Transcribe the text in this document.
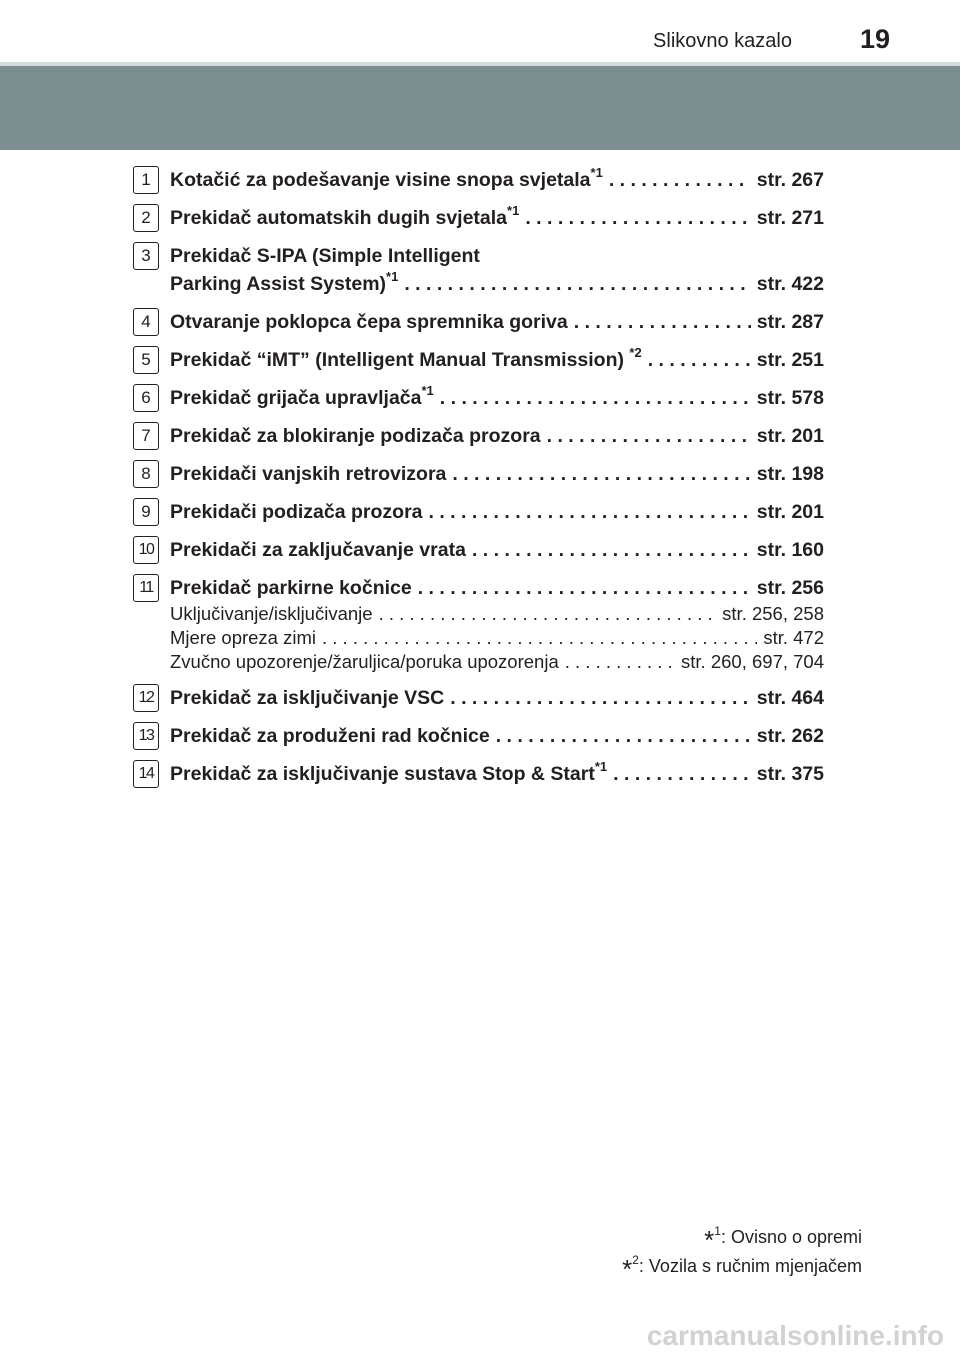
Slikovno kazalo	19
1 Kotačić za podešavanje visine snopa svjetala$^{*1}$ . . .	str. 267
2 Prekidač automatskih dugih svjetala$^{*1}$ . . .	str. 271
3 Prekidač S-IPA (Simple Intelligent
Parking Assist System)$^{*1}$ . . .	str. 422
4 Otvaranje poklopca čepa spremnika goriva . . .	str. 287
5 Prekidač “iMT” (Intelligent Manual Transmission) $^{*2}$ . . .	str. 251
6 Prekidač grijača upravljača$^{*1}$ . . .	str. 578
7 Prekidač za blokiranje podizača prozora . . .	str. 201
8 Prekidači vanjskih retrovizora . . .	str. 198
9 Prekidači podizača prozora . . .	str. 201
10 Prekidači za zaključavanje vrata . . .	str. 160
11 Prekidač parkirne kočnice . . .	str. 256
Uključivanje/isključivanje . . .	str. 256, 258
Mjere opreza zimi . . .	str. 472
Zvučno upozorenje/žaruljica/poruka upozorenja . . .	str. 260, 697, 704
12 Prekidač za isključivanje VSC . . .	str. 464
13 Prekidač za produženi rad kočnice . . .	str. 262
14 Prekidač za isključivanje sustava Stop & Start$^{*1}$ . . .	str. 375
*$^1$: Ovisno o opremi
*$^2$: Vozila s ručnim mjenjačem
carmanualsonline.info
